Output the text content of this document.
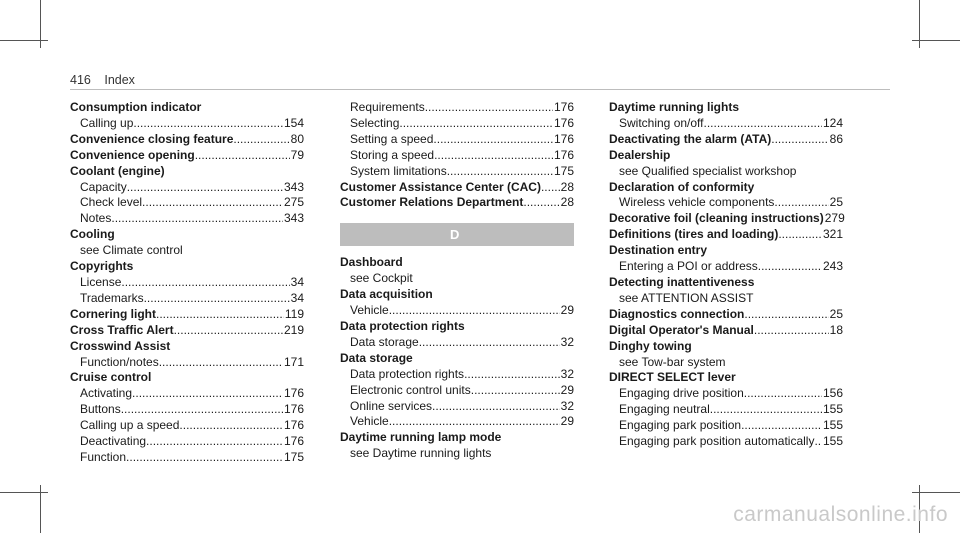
416 Index
Consumption indicator
Calling up .....	154
Convenience closing feature .....	80
Convenience opening .....	79
Coolant (engine)
Capacity .....	343
Check level .....	275
Notes .....	343
Cooling
see Climate control
Copyrights
License .....	34
Trademarks .....	34
Cornering light .....	119
Cross Traffic Alert .....	219
Crosswind Assist
Function/notes .....	171
Cruise control
Activating .....	176
Buttons .....	176
Calling up a speed .....	176
Deactivating .....	176
Function .....	175
Requirements .....	176
Selecting .....	176
Setting a speed .....	176
Storing a speed .....	176
System limitations .....	175
Customer Assistance Center (CAC) ..... 28
Customer Relations Department .....	28
D
Dashboard
see Cockpit
Data acquisition
Vehicle .....	29
Data protection rights
Data storage .....	32
Data storage
Data protection rights .....	32
Electronic control units .....	29
Online services .....	32
Vehicle .....	29
Daytime running lamp mode
see Daytime running lights
Daytime running lights
Switching on/off .....	124
Deactivating the alarm (ATA) .....	86
Dealership
see Qualified specialist workshop
Declaration of conformity
Wireless vehicle components .....	25
Decorative foil (cleaning instructions) 279
Definitions (tires and loading) .....	321
Destination entry
Entering a POI or address .....	243
Detecting inattentiveness
see ATTENTION ASSIST
Diagnostics connection .....	25
Digital Operator's Manual .....	18
Dinghy towing
see Tow-bar system
DIRECT SELECT lever
Engaging drive position .....	156
Engaging neutral .....	155
Engaging park position .....	155
Engaging park position automatically ..... 155
carmanualsonline.info
